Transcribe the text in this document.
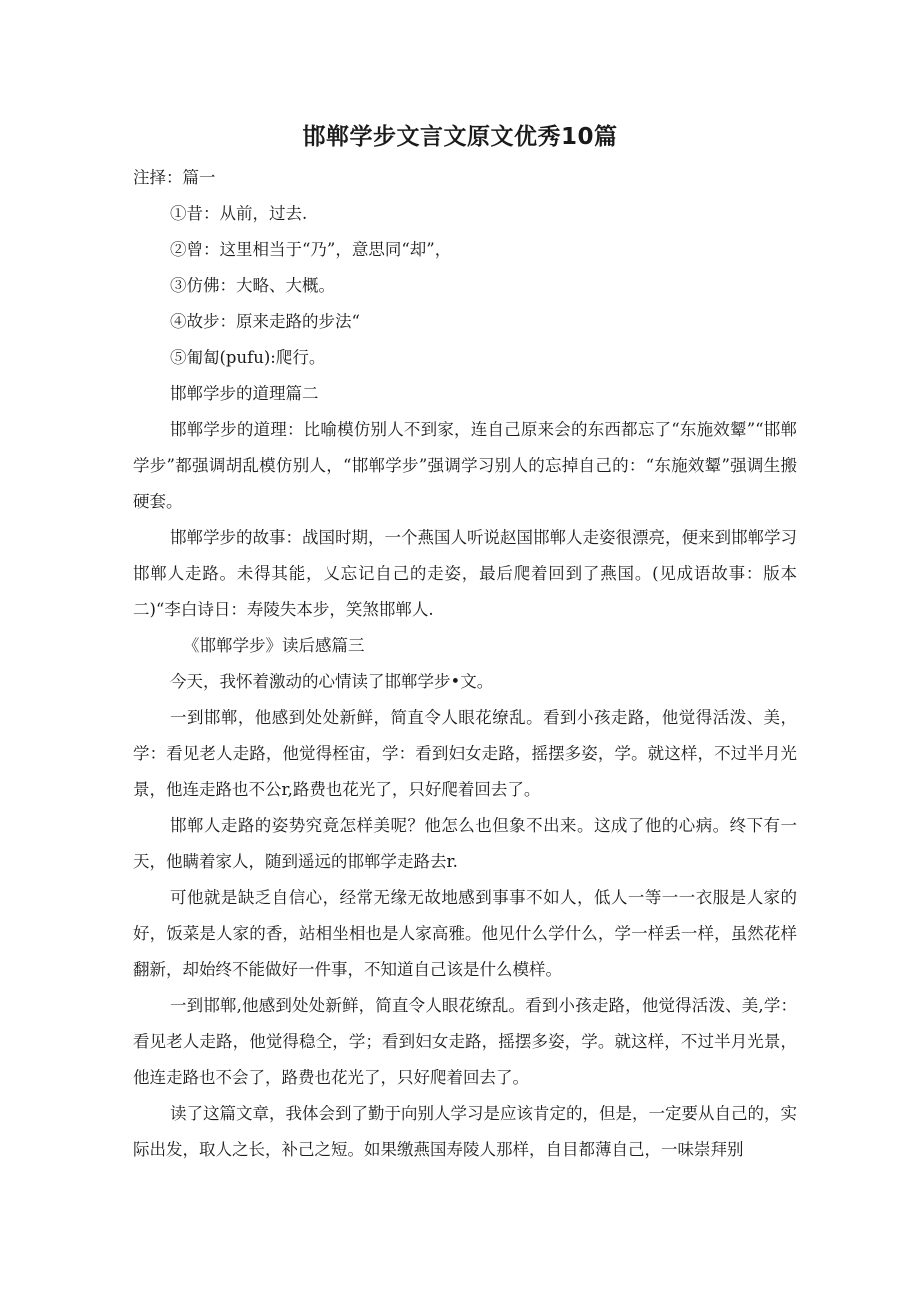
邯郸学步文言文原文优秀10篇
注择：篇一
①昔：从前，过去.
②曾：这里相当于“乃”，意思同“却”，
③仿佛：大略、大概。
④故步：原来走路的步法“
⑤匍匐(pufu):爬行。
邯郸学步的道理篇二
邯郸学步的道理：比喻模仿别人不到家，连自己原来会的东西都忘了“东施效颦”“邯郸学步”都强调胡乱模仿别人，“邯郸学步”强调学习别人的忘掉自己的：“东施效颦”强调生搬硬套。
邯郸学步的故事：战国时期，一个燕国人听说赵国邯郸人走姿很漂亮，便来到邯郸学习邯郸人走路。未得其能，乂忘记自己的走姿，最后爬着回到了燕国。(见成语故事：版本二)“李白诗日：寿陵失本步，笑煞邯郸人.
《邯郸学步》读后感篇三
今天，我怀着激动的心情读了邯郸学步•文。
一到邯郸，他感到处处新鲜，简直令人眼花缭乱。看到小孩走路，他觉得活泼、美，学：看见老人走路，他觉得桎宙，学：看到妇女走路，摇摆多姿，学。就这样，不过半月光景，他连走路也不公r,路费也花光了，只好爬着回去了。
邯郸人走路的姿势究竟怎样美呢？他怎么也但象不出来。这成了他的心病。终下有一天，他瞒着家人，随到遥远的邯郸学走路去r.
可他就是缺乏自信心，经常无缘无故地感到事事不如人，低人一等一一衣服是人家的好，饭菜是人家的香，站相坐相也是人家高雅。他见什么学什么，学一样丢一样，虽然花样翻新，却始终不能做好一件事，不知道自己该是什么模样。
一到邯郸,他感到处处新鲜，简直令人眼花缭乱。看到小孩走路，他觉得活泼、美,学：看见老人走路，他觉得稳仝，学；看到妇女走路，摇摆多姿，学。就这样，不过半月光景，他连走路也不会了，路费也花光了，只好爬着回去了。
读了这篇文章，我体会到了勤于向别人学习是应该肯定的，但是，一定要从自己的，实际出发，取人之长，补己之短。如果缴燕国寿陵人那样，自目都薄自己，一味崇拜别
